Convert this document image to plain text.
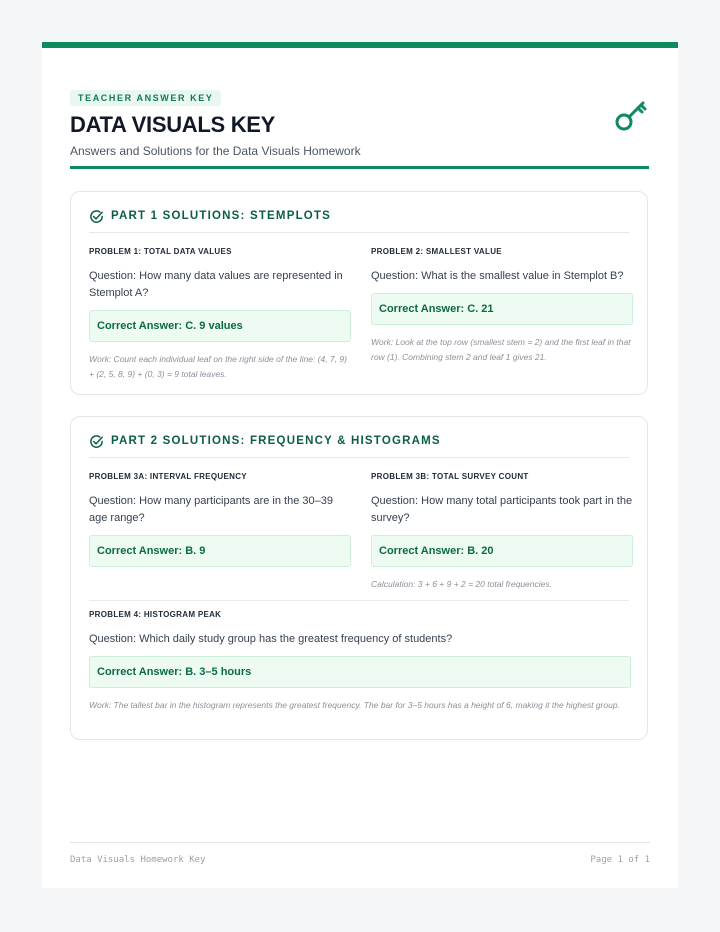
TEACHER ANSWER KEY
DATA VISUALS KEY
Answers and Solutions for the Data Visuals Homework
PART 1 SOLUTIONS: STEMPLOTS
PROBLEM 1: TOTAL DATA VALUES
Question: How many data values are represented in Stemplot A?
Correct Answer: C. 9 values
Work: Count each individual leaf on the right side of the line: (4, 7, 9) + (2, 5, 8, 9) + (0, 3) = 9 total leaves.
PROBLEM 2: SMALLEST VALUE
Question: What is the smallest value in Stemplot B?
Correct Answer: C. 21
Work: Look at the top row (smallest stem = 2) and the first leaf in that row (1). Combining stem 2 and leaf 1 gives 21.
PART 2 SOLUTIONS: FREQUENCY & HISTOGRAMS
PROBLEM 3A: INTERVAL FREQUENCY
Question: How many participants are in the 30–39 age range?
Correct Answer: B. 9
PROBLEM 3B: TOTAL SURVEY COUNT
Question: How many total participants took part in the survey?
Correct Answer: B. 20
Calculation: 3 + 6 + 9 + 2 = 20 total frequencies.
PROBLEM 4: HISTOGRAM PEAK
Question: Which daily study group has the greatest frequency of students?
Correct Answer: B. 3–5 hours
Work: The tallest bar in the histogram represents the greatest frequency. The bar for 3–5 hours has a height of 6, making it the highest group.
Data Visuals Homework Key	Page 1 of 1
